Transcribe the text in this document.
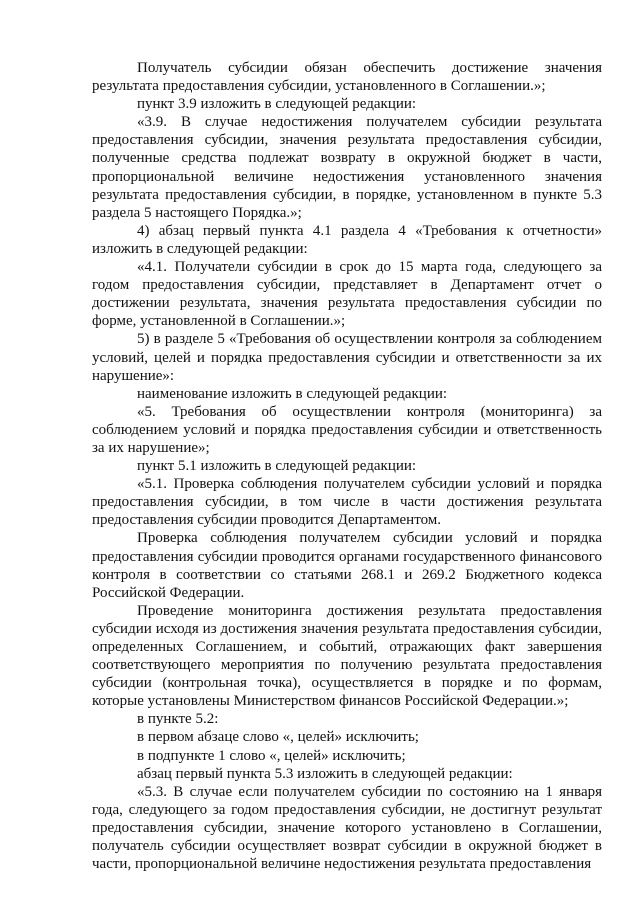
Получатель субсидии обязан обеспечить достижение значения результата предоставления субсидии, установленного в Соглашении.»;

пункт 3.9 изложить в следующей редакции:

«3.9. В случае недостижения получателем субсидии результата предоставления субсидии, значения результата предоставления субсидии, полученные средства подлежат возврату в окружной бюджет в части, пропорциональной величине недостижения установленного значения результата предоставления субсидии, в порядке, установленном в пункте 5.3 раздела 5 настоящего Порядка.»;

4) абзац первый пункта 4.1 раздела 4 «Требования к отчетности» изложить в следующей редакции:

«4.1. Получатели субсидии в срок до 15 марта года, следующего за годом предоставления субсидии, представляет в Департамент отчет о достижении результата, значения результата предоставления субсидии по форме, установленной в Соглашении.»;

5) в разделе 5 «Требования об осуществлении контроля за соблюдением условий, целей и порядка предоставления субсидии и ответственности за их нарушение»:

наименование изложить в следующей редакции:

«5. Требования об осуществлении контроля (мониторинга) за соблюдением условий и порядка предоставления субсидии и ответственность за их нарушение»;

пункт 5.1 изложить в следующей редакции:

«5.1. Проверка соблюдения получателем субсидии условий и порядка предоставления субсидии, в том числе в части достижения результата предоставления субсидии проводится Департаментом.

Проверка соблюдения получателем субсидии условий и порядка предоставления субсидии проводится органами государственного финансового контроля в соответствии со статьями 268.1 и 269.2 Бюджетного кодекса Российской Федерации.

Проведение мониторинга достижения результата предоставления субсидии исходя из достижения значения результата предоставления субсидии, определенных Соглашением, и событий, отражающих факт завершения соответствующего мероприятия по получению результата предоставления субсидии (контрольная точка), осуществляется в порядке и по формам, которые установлены Министерством финансов Российской Федерации.»;

в пункте 5.2:

в первом абзаце слово «, целей» исключить;

в подпункте 1 слово «, целей» исключить;

абзац первый пункта 5.3 изложить в следующей редакции:

«5.3. В случае если получателем субсидии по состоянию на 1 января года, следующего за годом предоставления субсидии, не достигнут результат предоставления субсидии, значение которого установлено в Соглашении, получатель субсидии осуществляет возврат субсидии в окружной бюджет в части, пропорциональной величине недостижения результата предоставления
